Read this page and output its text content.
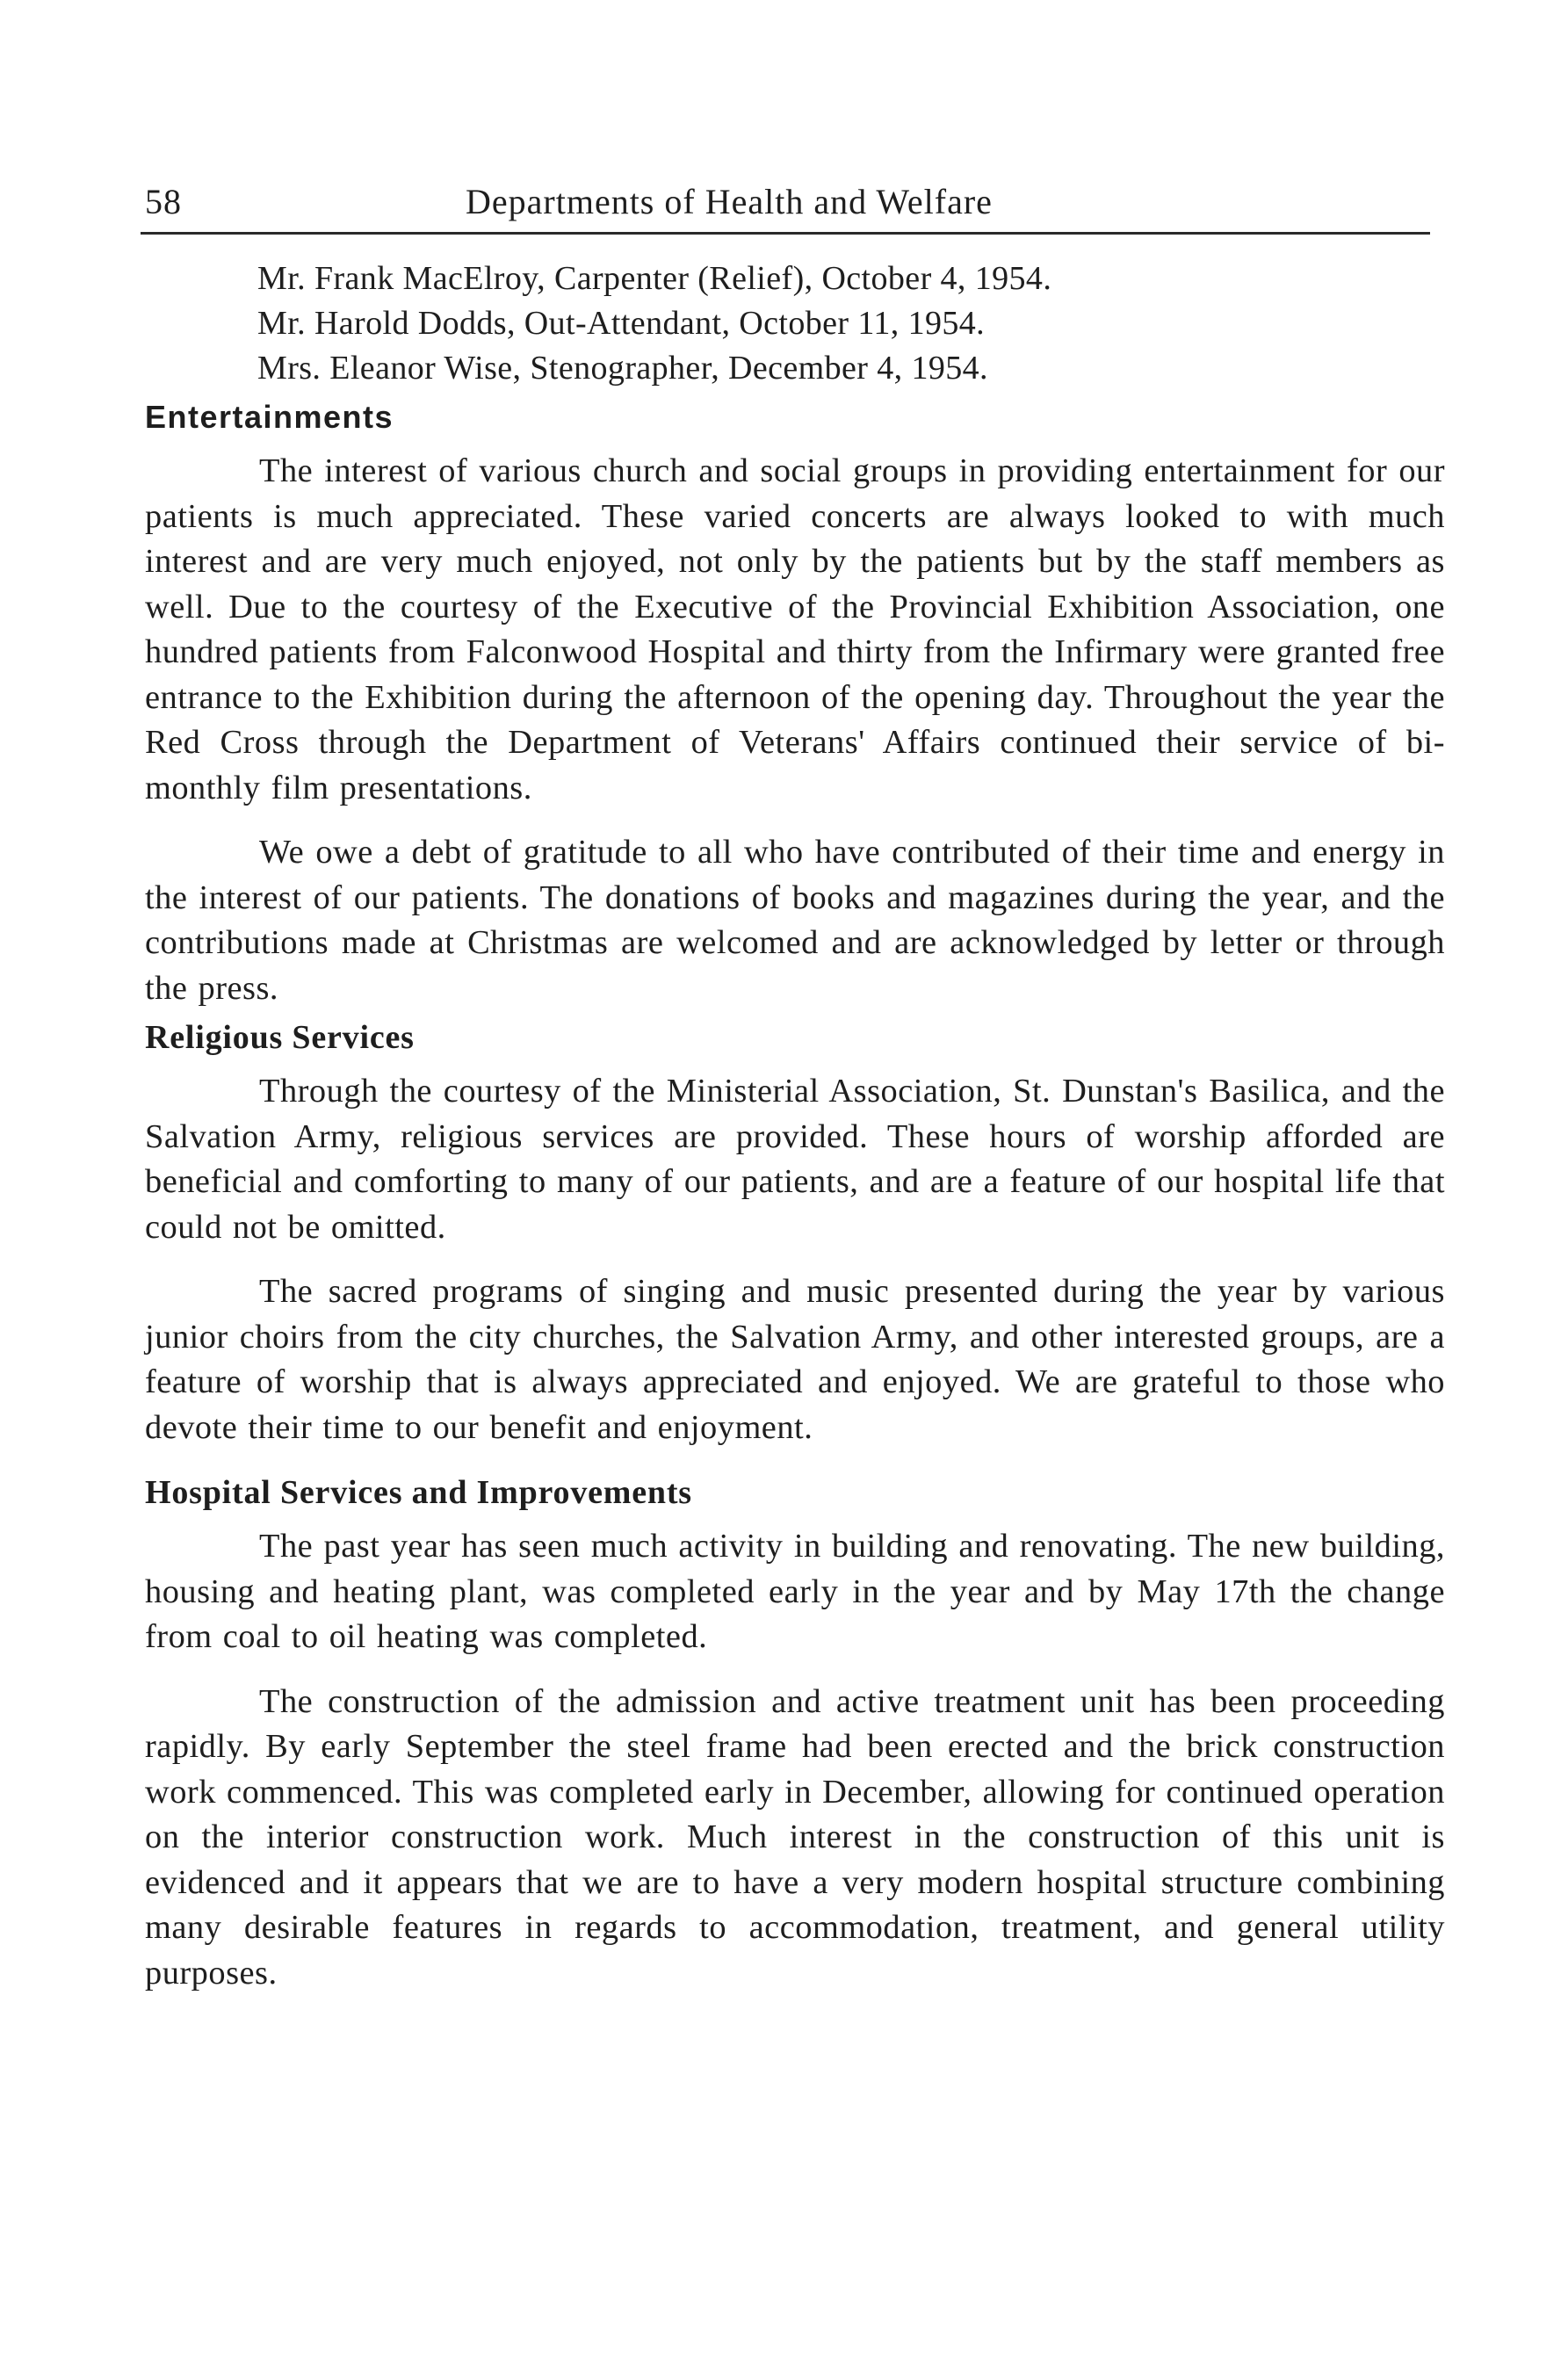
58	Departments of Health and Welfare
Mr. Frank MacElroy, Carpenter (Relief), October 4, 1954.
Mr. Harold Dodds, Out-Attendant, October 11, 1954.
Mrs. Eleanor Wise, Stenographer, December 4, 1954.
Entertainments

The interest of various church and social groups in providing entertainment for our patients is much appreciated. These varied concerts are always looked to with much interest and are very much enjoyed, not only by the patients but by the staff members as well. Due to the courtesy of the Executive of the Provincial Exhibition Association, one hundred patients from Falconwood Hospital and thirty from the Infirmary were granted free entrance to the Exhibition during the afternoon of the opening day. Throughout the year the Red Cross through the Department of Veterans' Affairs continued their service of bi-monthly film presentations.

We owe a debt of gratitude to all who have contributed of their time and energy in the interest of our patients. The donations of books and magazines during the year, and the contributions made at Christmas are welcomed and are acknowledged by letter or through the press.

Religious Services

Through the courtesy of the Ministerial Association, St. Dunstan's Basilica, and the Salvation Army, religious services are provided. These hours of worship afforded are beneficial and comforting to many of our patients, and are a feature of our hospital life that could not be omitted.

The sacred programs of singing and music presented during the year by various junior choirs from the city churches, the Salvation Army, and other interested groups, are a feature of worship that is always appreciated and enjoyed. We are grateful to those who devote their time to our benefit and enjoyment.

Hospital Services and Improvements

The past year has seen much activity in building and renovating. The new building, housing and heating plant, was completed early in the year and by May 17th the change from coal to oil heating was completed.

The construction of the admission and active treatment unit has been proceeding rapidly. By early September the steel frame had been erected and the brick construction work commenced. This was completed early in December, allowing for continued operation on the interior construction work. Much interest in the construction of this unit is evidenced and it appears that we are to have a very modern hospital structure combining many desirable features in regards to accommodation, treatment, and general utility purposes.
